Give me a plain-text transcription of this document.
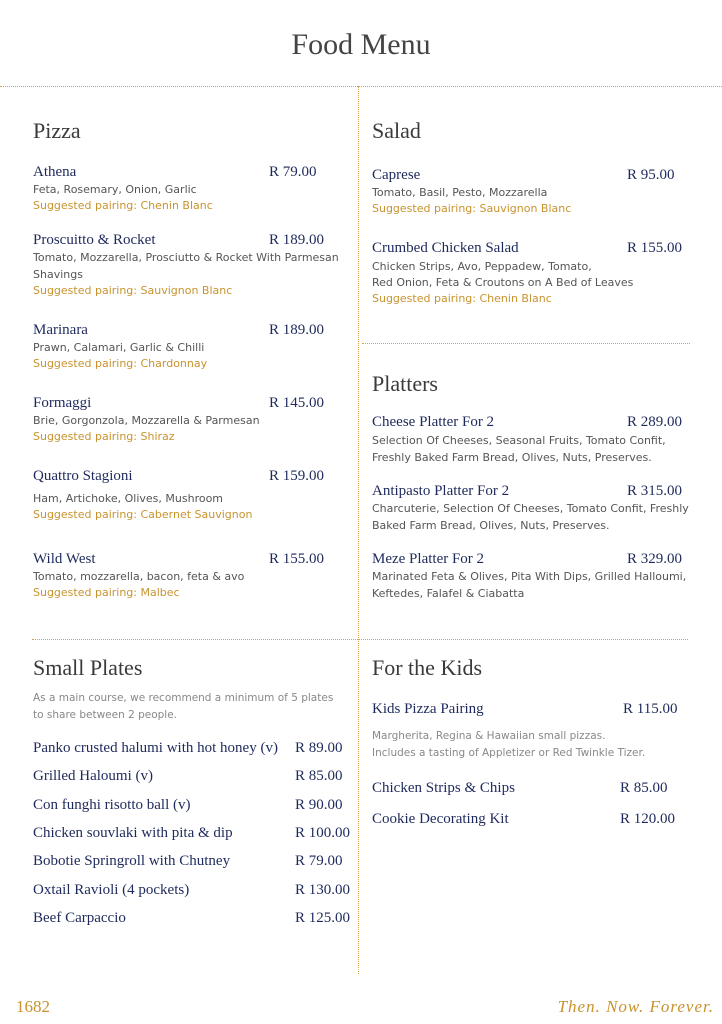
Food Menu
Pizza
Athena	R 79.00
Feta, Rosemary, Onion, Garlic
Suggested pairing: Chenin Blanc
Proscuitto & Rocket	R 189.00
Tomato, Mozzarella, Prosciutto & Rocket With Parmesan
Shavings
Suggested pairing: Sauvignon Blanc
Marinara	R 189.00
Prawn, Calamari, Garlic & Chilli
Suggested pairing: Chardonnay
Formaggi	R 145.00
Brie, Gorgonzola, Mozzarella & Parmesan
Suggested pairing: Shiraz
Quattro Stagioni	R 159.00
Ham, Artichoke, Olives, Mushroom
Suggested pairing: Cabernet Sauvignon
Wild West	R 155.00
Tomato, mozzarella, bacon, feta & avo
Suggested pairing: Malbec
Salad
Caprese	R 95.00
Tomato, Basil, Pesto, Mozzarella
Suggested pairing: Sauvignon Blanc
Crumbed Chicken Salad	R 155.00
Chicken Strips, Avo, Peppadew, Tomato,
Red Onion, Feta & Croutons on A Bed of Leaves
Suggested pairing: Chenin Blanc
Platters
Cheese Platter For 2	R 289.00
Selection Of Cheeses, Seasonal Fruits, Tomato Confit,
Freshly Baked Farm Bread, Olives, Nuts, Preserves.
Antipasto Platter For 2	R 315.00
Charcuterie, Selection Of Cheeses, Tomato Confit, Freshly
Baked Farm Bread, Olives, Nuts, Preserves.
Meze Platter For 2	R 329.00
Marinated Feta & Olives, Pita With Dips, Grilled Halloumi,
Keftedes, Falafel & Ciabatta
Small Plates
As a main course, we recommend a minimum of 5 plates
to share between 2 people.
Panko crusted halumi with hot honey (v) R 89.00
Grilled Haloumi (v)	R 85.00
Con funghi risotto ball (v)	R 90.00
Chicken souvlaki with pita & dip	R 100.00
Bobotie Springroll with Chutney	R 79.00
Oxtail Ravioli (4 pockets)	R 130.00
Beef Carpaccio	R 125.00
For the Kids
Kids Pizza Pairing	R 115.00
Margherita, Regina & Hawaiian small pizzas.
Includes a tasting of Appletizer or Red Twinkle Tizer.
Chicken Strips & Chips	R 85.00
Cookie Decorating Kit	R 120.00
1682	Then. Now. Forever.
